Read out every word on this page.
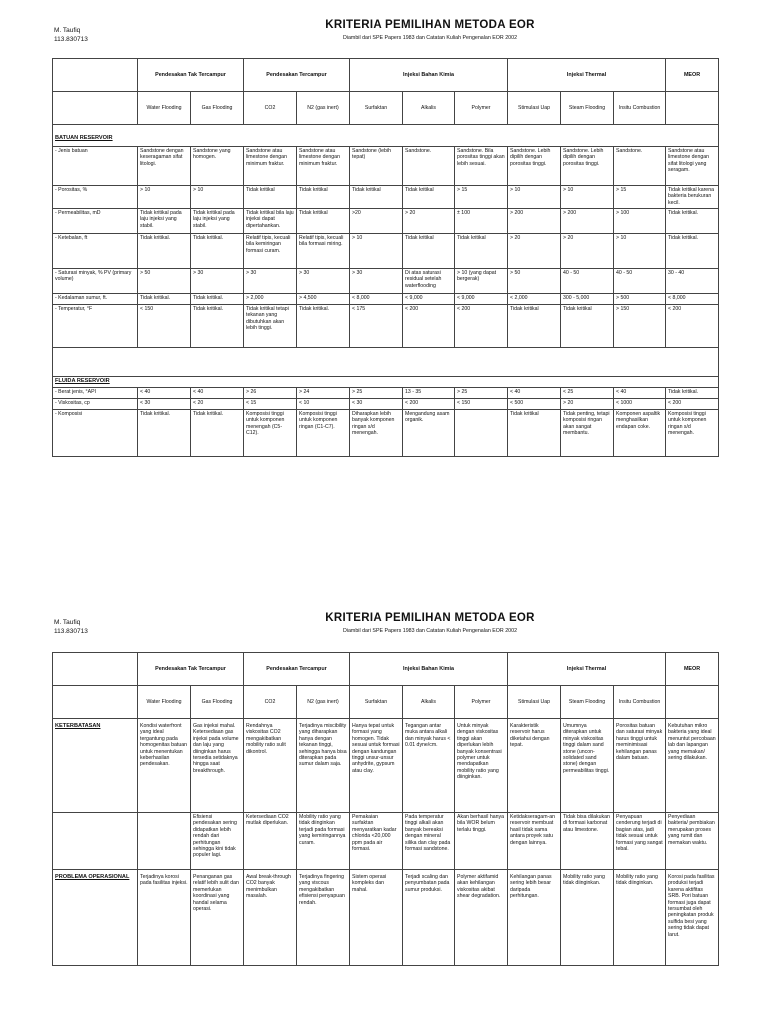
M. Taufiq
113.830713
KRITERIA PEMILIHAN METODA EOR
Diambil dari SPE Papers 1983 dan Catatan Kuliah Pengenalan EOR 2002
	Pendesakan Tak Tercampur		Pendesakan Tercampur		Injeksi Bahan Kimia			Injeksi Thermal			MEOR
	Water Flooding	Gas Flooding	CO2	N2 (gas inert)	Surfaktan	Alkalis	Polymer	Stimulasi Uap	Steam Flooding	Insitu Combustion	
BATUAN RESERVOIR											
- Jenis batuan	Sandstone dengan keseragaman sifat litologi.	Sandstone yang homogen.	Sandstone atau limestone dengan minimum fraktur.	Sandstone atau limestone dengan minimum fraktur.	Sandstone (lebih tepat)	Sandstone.	Sandstone. Bila porositas tinggi akan lebih sesuai.	Sandstone. Lebih dipilih dengan porositas tinggi.	Sandstone. Lebih dipilih dengan porositas tinggi.	Sandstone.	Sandstone atau limestone dengan sifat litologi yang seragam.
- Porositas, %	> 10	> 10	Tidak kritikal	Tidak kritikal	Tidak kritikal	Tidak kritikal	> 15	> 10	> 10	> 15	Tidak kritikal karena bakteria berukuran kecil.
- Permeabilitas, mD	Tidak kritikal pada laju injeksi yang stabil.	Tidak kritikal pada laju injeksi yang stabil.	Tidak kritikal bila laju injeksi dapat dipertahankan.	Tidak kritikal	>20	> 20	± 100	> 200	> 200	> 100	Tidak kritikal.
- Ketebalan, ft	Tidak kritikal.	Tidak kritikal.	Relatif tipis, kecuali bila kemiringan formasi curam.	Relatif tipis, kecuali bila formasi miring.	> 10	Tidak kritikal	Tidak kritikal	> 20	> 20	> 10	Tidak kritikal.
- Saturasi minyak, % PV (primary volume)	> 50	> 30	> 30	> 30	> 30	Di atas saturasi residual setelah waterflooding	> 10 (yang dapat bergerak)	> 50	40 - 50	40 - 50	30 - 40
- Kedalaman sumur, ft.	Tidak kritikal.	Tidak kritikal.	> 2,000	> 4,500	< 8,000	< 9,000	< 9,000	< 2,000	300 - 5,000	> 500	< 8,000
- Temperatur, °F	< 150	Tidak kritikal.	Tidak kritikal tetapi tekanan yang dibutuhkan akan lebih tinggi.	Tidak kritikal.	< 175	< 200	< 200	Tidak kritikal	Tidak kritikal	> 150	< 200

FLUIDA RESERVOIR											
- Berat jenis, °API	< 40	< 40	> 26	> 24	> 25	13 - 35	> 25	< 40	< 25	< 40	Tidak kritikal.
- Viskositas, cp	< 30	< 20	< 15	< 10	< 30	< 200	< 150	< 500	> 20	< 1000	< 200
- Komposisi	Tidak kritikal.	Tidak kritikal.	Komposisi tinggi untuk komponen menengah (C5-C12).	Komposisi tinggi untuk komponen ringan (C1-C7).	Diharapkan lebih banyak komponen ringan s/d menengah.	Mengandung asam organik.		Tidak kritikal	Tidak penting, tetapi komposisi ringan akan sangat membantu.	Komponen aspaltik menghasilkan endapan coke.	Komposisi tinggi untuk komponen ringan s/d menengah.
M. Taufiq
113.830713
KRITERIA PEMILIHAN METODA EOR
Diambil dari SPE Papers 1983 dan Catatan Kuliah Pengenalan EOR 2002
	Pendesakan Tak Tercampur		Pendesakan Tercampur		Injeksi Bahan Kimia			Injeksi Thermal			MEOR
	Water Flooding	Gas Flooding	CO2	N2 (gas inert)	Surfaktan	Alkalis	Polymer	Stimulasi Uap	Steam Flooding	Insitu Combustion	
KETERBATASAN	Kondisi waterfront yang ideal tergantung pada homogenitas batuan untuk menentukan keberhasilan pendesakan.	Gas injeksi mahal. Ketersediaan gas injeksi pada volume dan laju yang diinginkan harus tersedia setidaknya hingga saat breakthrough.	Rendahnya viskositas CO2 mengakibatkan mobility ratio sulit dikontrol.	Terjadinya miscibility yang diharapkan hanya dengan tekanan tinggi, sehingga hanya bisa diterapkan pada sumur dalam saja.	Hanya tepat untuk formasi yang homogen. Tidak sesuai untuk formasi dengan kandungan tinggi unsur-unsur anhydrite, gypsum atau clay.	Tegangan antar muka antara alkali dan minyak harus < 0.01 dyne/cm.	Untuk minyak dengan viskositas tinggi akan diperlukan lebih banyak konsentrasi polymer untuk mendapatkan mobility ratio yang diinginkan.	Karakteristik reservoir harus diketahui dengan tepat.	Umumnya diterapkan untuk minyak viskositas tinggi dalam sand stone (uncon-solidated sand stone) dengan permeabilitas tinggi.	Porositas batuan dan saturasi minyak harus tinggi untuk meminimisasi kehilangan panas dalam batuan.	Kebutuhan mikro bakteria yang ideal menuntut percobaan lab dan lapangan yang memakan/ sering dilakukan.
		Efisiensi pendesakan sering didapatkan lebih rendah dari perhitungan sehingga kini tidak populer lagi.	Ketersediaan CO2 mutlak diperlukan.	Mobility ratio yang tidak diinginkan terjadi pada formasi yang kemiringannya curam.	Pemakaian surfaktan menyaratkan kadar chlorida <20,000 ppm pada air formasi.	Pada temperatur tinggi alkali akan banyak bereaksi dengan mineral silika dan clay pada formasi sandstone.	Akan berhasil hanya bila WOR belum terlalu tinggi.	Ketidakseragam-an reservoir membuat hasil tidak sama antara proyek satu dengan lainnya.	Tidak bisa dilakukan di formasi karbonat atau limestone.	Penyapuan cenderung terjadi di bagian atas, jadi tidak sesuai untuk formasi yang sangat tebal.	Penyediaan bakteria/ pembiakan merupakan proses yang rumit dan memakan waktu.
PROBLEMA OPERASIONAL	Terjadinya korosi pada fasilitas injeksi.	Penanganan gas relatif lebih sulit dan memerlukan koordinasi yang handal selama operasi.	Awal break-through CO2 banyak menimbulkan masalah.	Terjadinya fingering yang viscous mengakibatkan efisiensi penyapuan rendah.	Sistem operasi kompleks dan mahal.	Terjadi scaling dan penyumbatan pada sumur produksi.	Polymer aktifamid akan kehilangan viskositas akibat shear degradation.	Kehilangan panas sering lebih besar daripada perhitungan.	Mobility ratio yang tidak diinginkan.	Mobility ratio yang tidak diinginkan.	Korosi pada fasilitas produksi terjadi karena aktifitas SRB. Pori batuan formasi juga dapat tersumbat oleh peningkatan produk sulfida besi yang sering tidak dapat larut.
